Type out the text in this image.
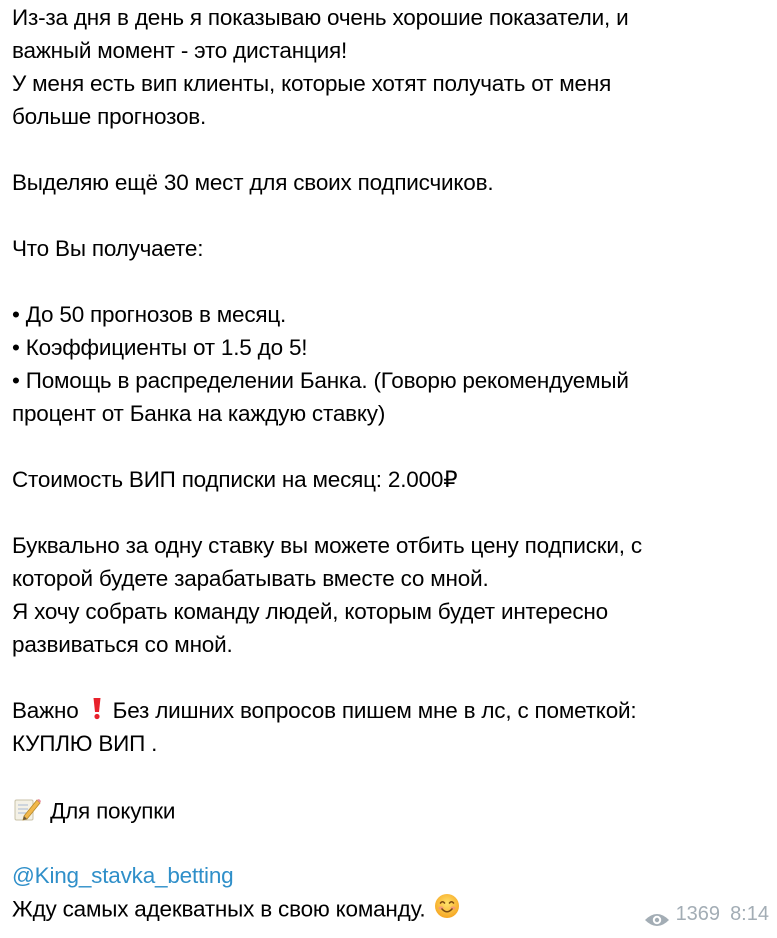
Из-за дня в день я показываю очень хорошие показатели, и
важный момент - это дистанция!
У меня есть вип клиенты, которые хотят получать от меня
больше прогнозов.
Выделяю ещё 30 мест для своих подписчиков.
Что Вы получаете:
• До 50 прогнозов в месяц.
• Коэффициенты от 1.5 до 5!
• Помощь в распределении Банка. (Говорю рекомендуемый
процент от Банка на каждую ставку)
Стоимость ВИП подписки на месяц: 2.000₽
Буквально за одну ставку вы можете отбить цену подписки, с
которой будете зарабатывать вместе со мной.
Я хочу собрать команду людей, которым будет интересно
развиваться со мной.
Важно Без лишних вопросов пишем мне в лс, с пометкой:
КУПЛЮ ВИП .
Для покупки
@King_stavka_betting
Жду самых адекватных в свою команду.	1369 8:14
